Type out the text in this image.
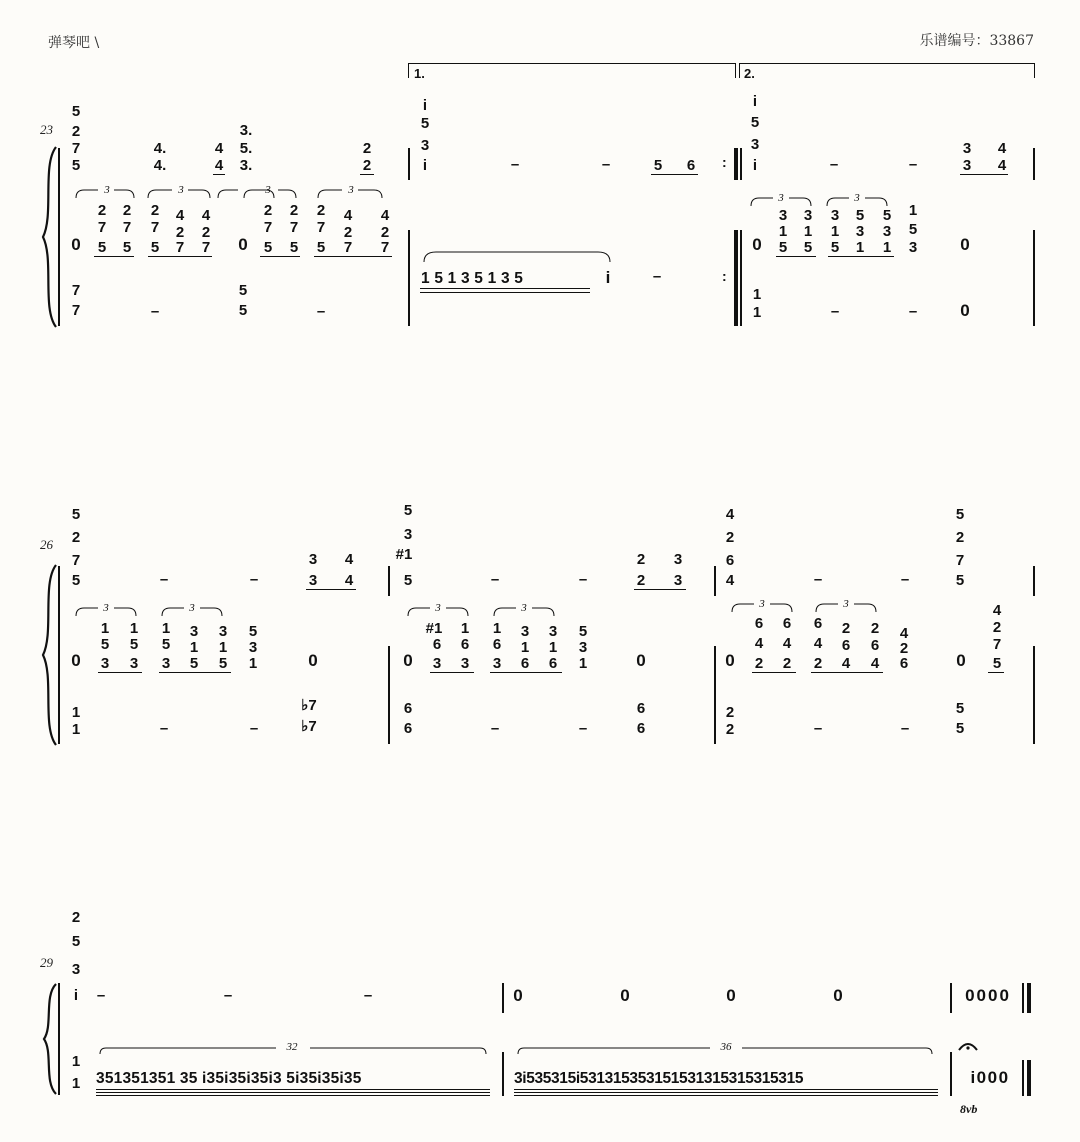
弹琴吧 \	乐谱编号：33867
23
1.	2.
5
2
7
5
4.
4.
4
4
3.
5.
3.
2
2
i
5
3
i	–	–	5 6 :
i
5
3
i	–	–
3
3
4
4
3	3	3	3
2 2 2 4 4
7 7 7 2 2
0 5 5 5 7 7
2 2 2 4 4
7 7 7 2 2
0 5 5 5 7 7
1 5 1 3 5 1 3 5	i	–	:
3	3
3 3 3 5 5 1
1 1 1 3 3 5
0 5 5 5 1 1 3	0
7
7	–
5
5	–
1
1	–	–	0
26
5
2
7
5	–	–
3
3
4
4
5
3
#1
5	–	–
2
2
3
3
4
2
6
4	–	–
5
2
7
5
3	3
1 1 1 3 3 5
5 5 5 1 1 3
0 3 3 3 5 5 1	0
3	3
#1 1 1 3 3 5
6 6 6 1 1 3
0 3 3 3 6 6 1	0
3	3
6 6 6 2 2 4
4 4 4 6 6 2
0 2 2 2 4 4 6
4
2
7
0 5
1
1	–	–
♭7
♭7
6
6	–	–
6
6
2
2	–	–
5
5
29
2
5
3
i –	–	–	0	0	0	0	0000
1
1
32
351351351 35 i35i35i35i3 5i35i35i35
36
3i535315i531315353151531315315315315	i000
8vb
